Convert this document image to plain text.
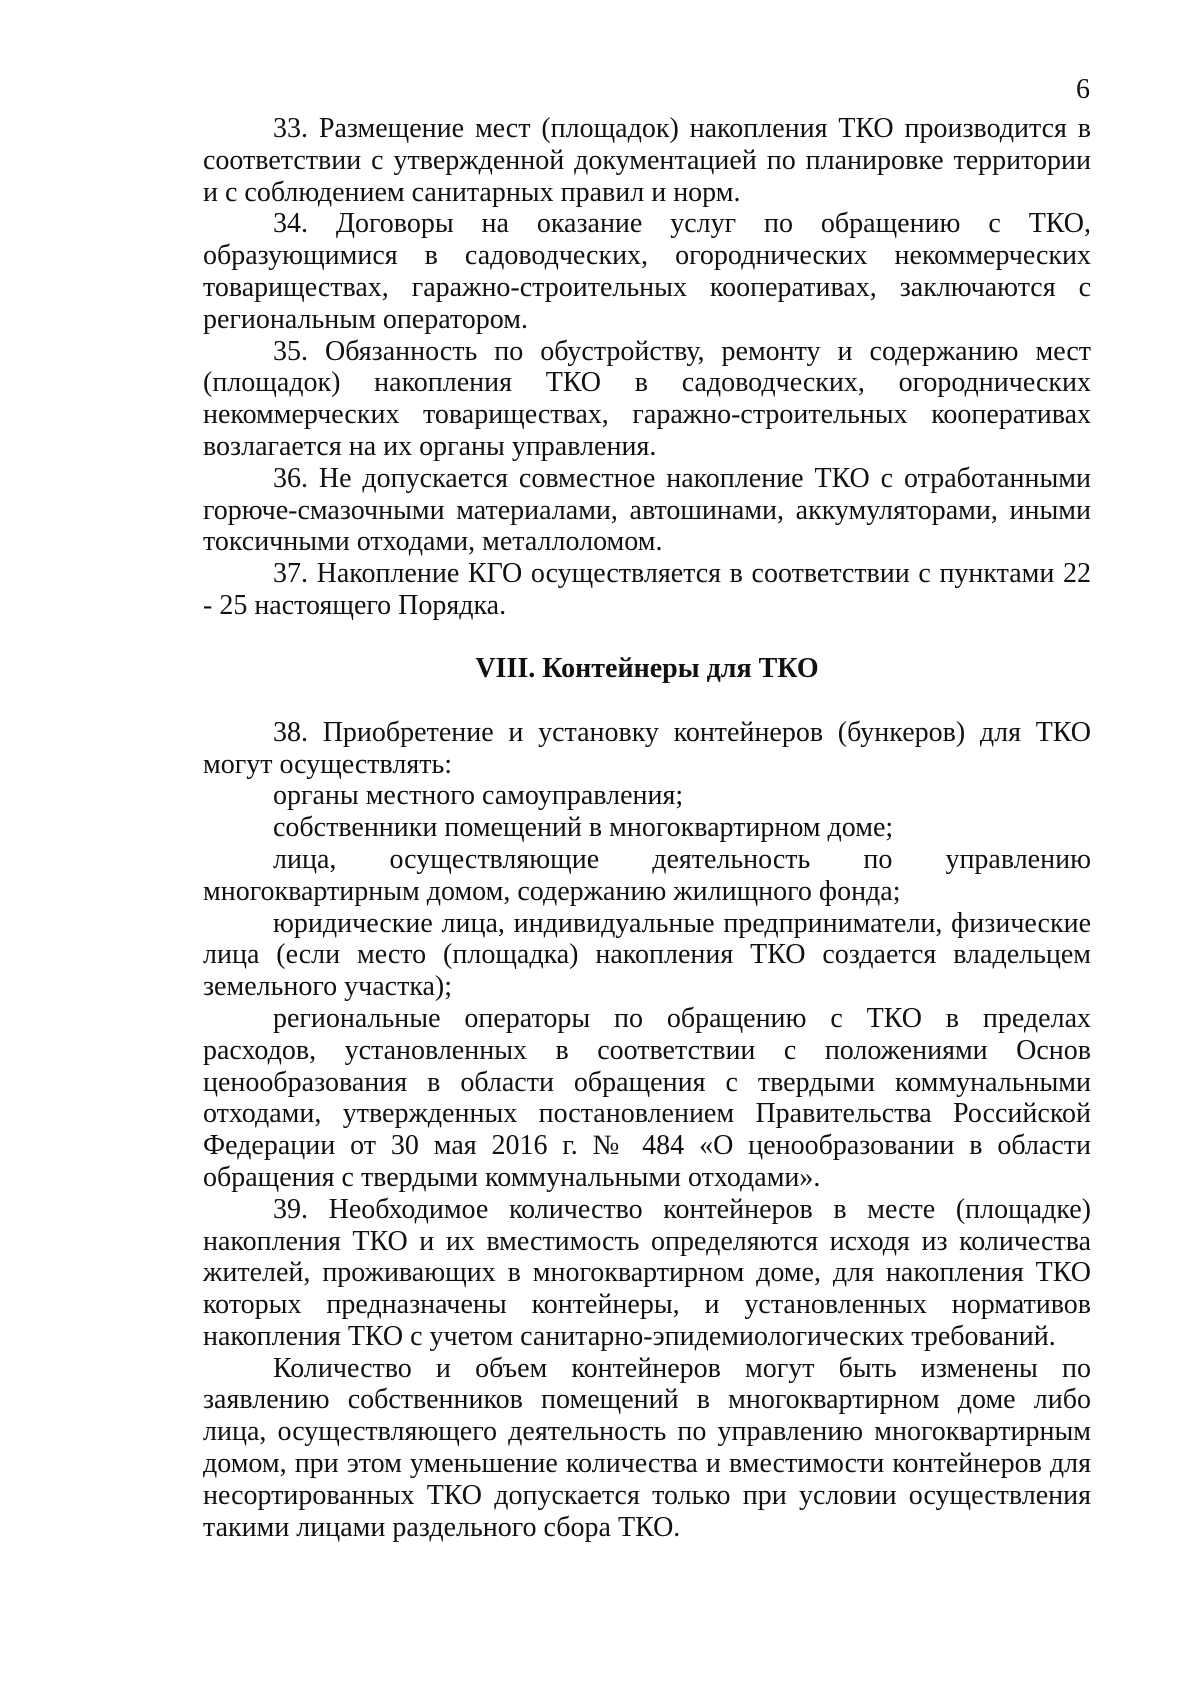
6

33. Размещение мест (площадок) накопления ТКО производится в соответствии с утвержденной документацией по планировке территории и с соблюдением санитарных правил и норм.

34. Договоры на оказание услуг по обращению с ТКО, образующимися в садоводческих, огороднических некоммерческих товариществах, гаражно-строительных кооперативах, заключаются с региональным оператором.

35. Обязанность по обустройству, ремонту и содержанию мест (площадок) накопления ТКО в садоводческих, огороднических некоммерческих товариществах, гаражно-строительных кооперативах возлагается на их органы управления.

36. Не допускается совместное накопление ТКО с отработанными горюче-смазочными материалами, автошинами, аккумуляторами, иными токсичными отходами, металлоломом.

37. Накопление КГО осуществляется в соответствии с пунктами 22 - 25 настоящего Порядка.

VIII. Контейнеры для ТКО

38. Приобретение и установку контейнеров (бункеров) для ТКО могут осуществлять:

органы местного самоуправления;

собственники помещений в многоквартирном доме;

лица, осуществляющие деятельность по управлению многоквартирным домом, содержанию жилищного фонда;

юридические лица, индивидуальные предприниматели, физические лица (если место (площадка) накопления ТКО создается владельцем земельного участка);

региональные операторы по обращению с ТКО в пределах расходов, установленных в соответствии с положениями Основ ценообразования в области обращения с твердыми коммунальными отходами, утвержденных постановлением Правительства Российской Федерации от 30 мая 2016 г. № 484 «О ценообразовании в области обращения с твердыми коммунальными отходами».

39. Необходимое количество контейнеров в месте (площадке) накопления ТКО и их вместимость определяются исходя из количества жителей, проживающих в многоквартирном доме, для накопления ТКО которых предназначены контейнеры, и установленных нормативов накопления ТКО с учетом санитарно-эпидемиологических требований.

Количество и объем контейнеров могут быть изменены по заявлению собственников помещений в многоквартирном доме либо лица, осуществляющего деятельность по управлению многоквартирным домом, при этом уменьшение количества и вместимости контейнеров для несортированных ТКО допускается только при условии осуществления такими лицами раздельного сбора ТКО.
